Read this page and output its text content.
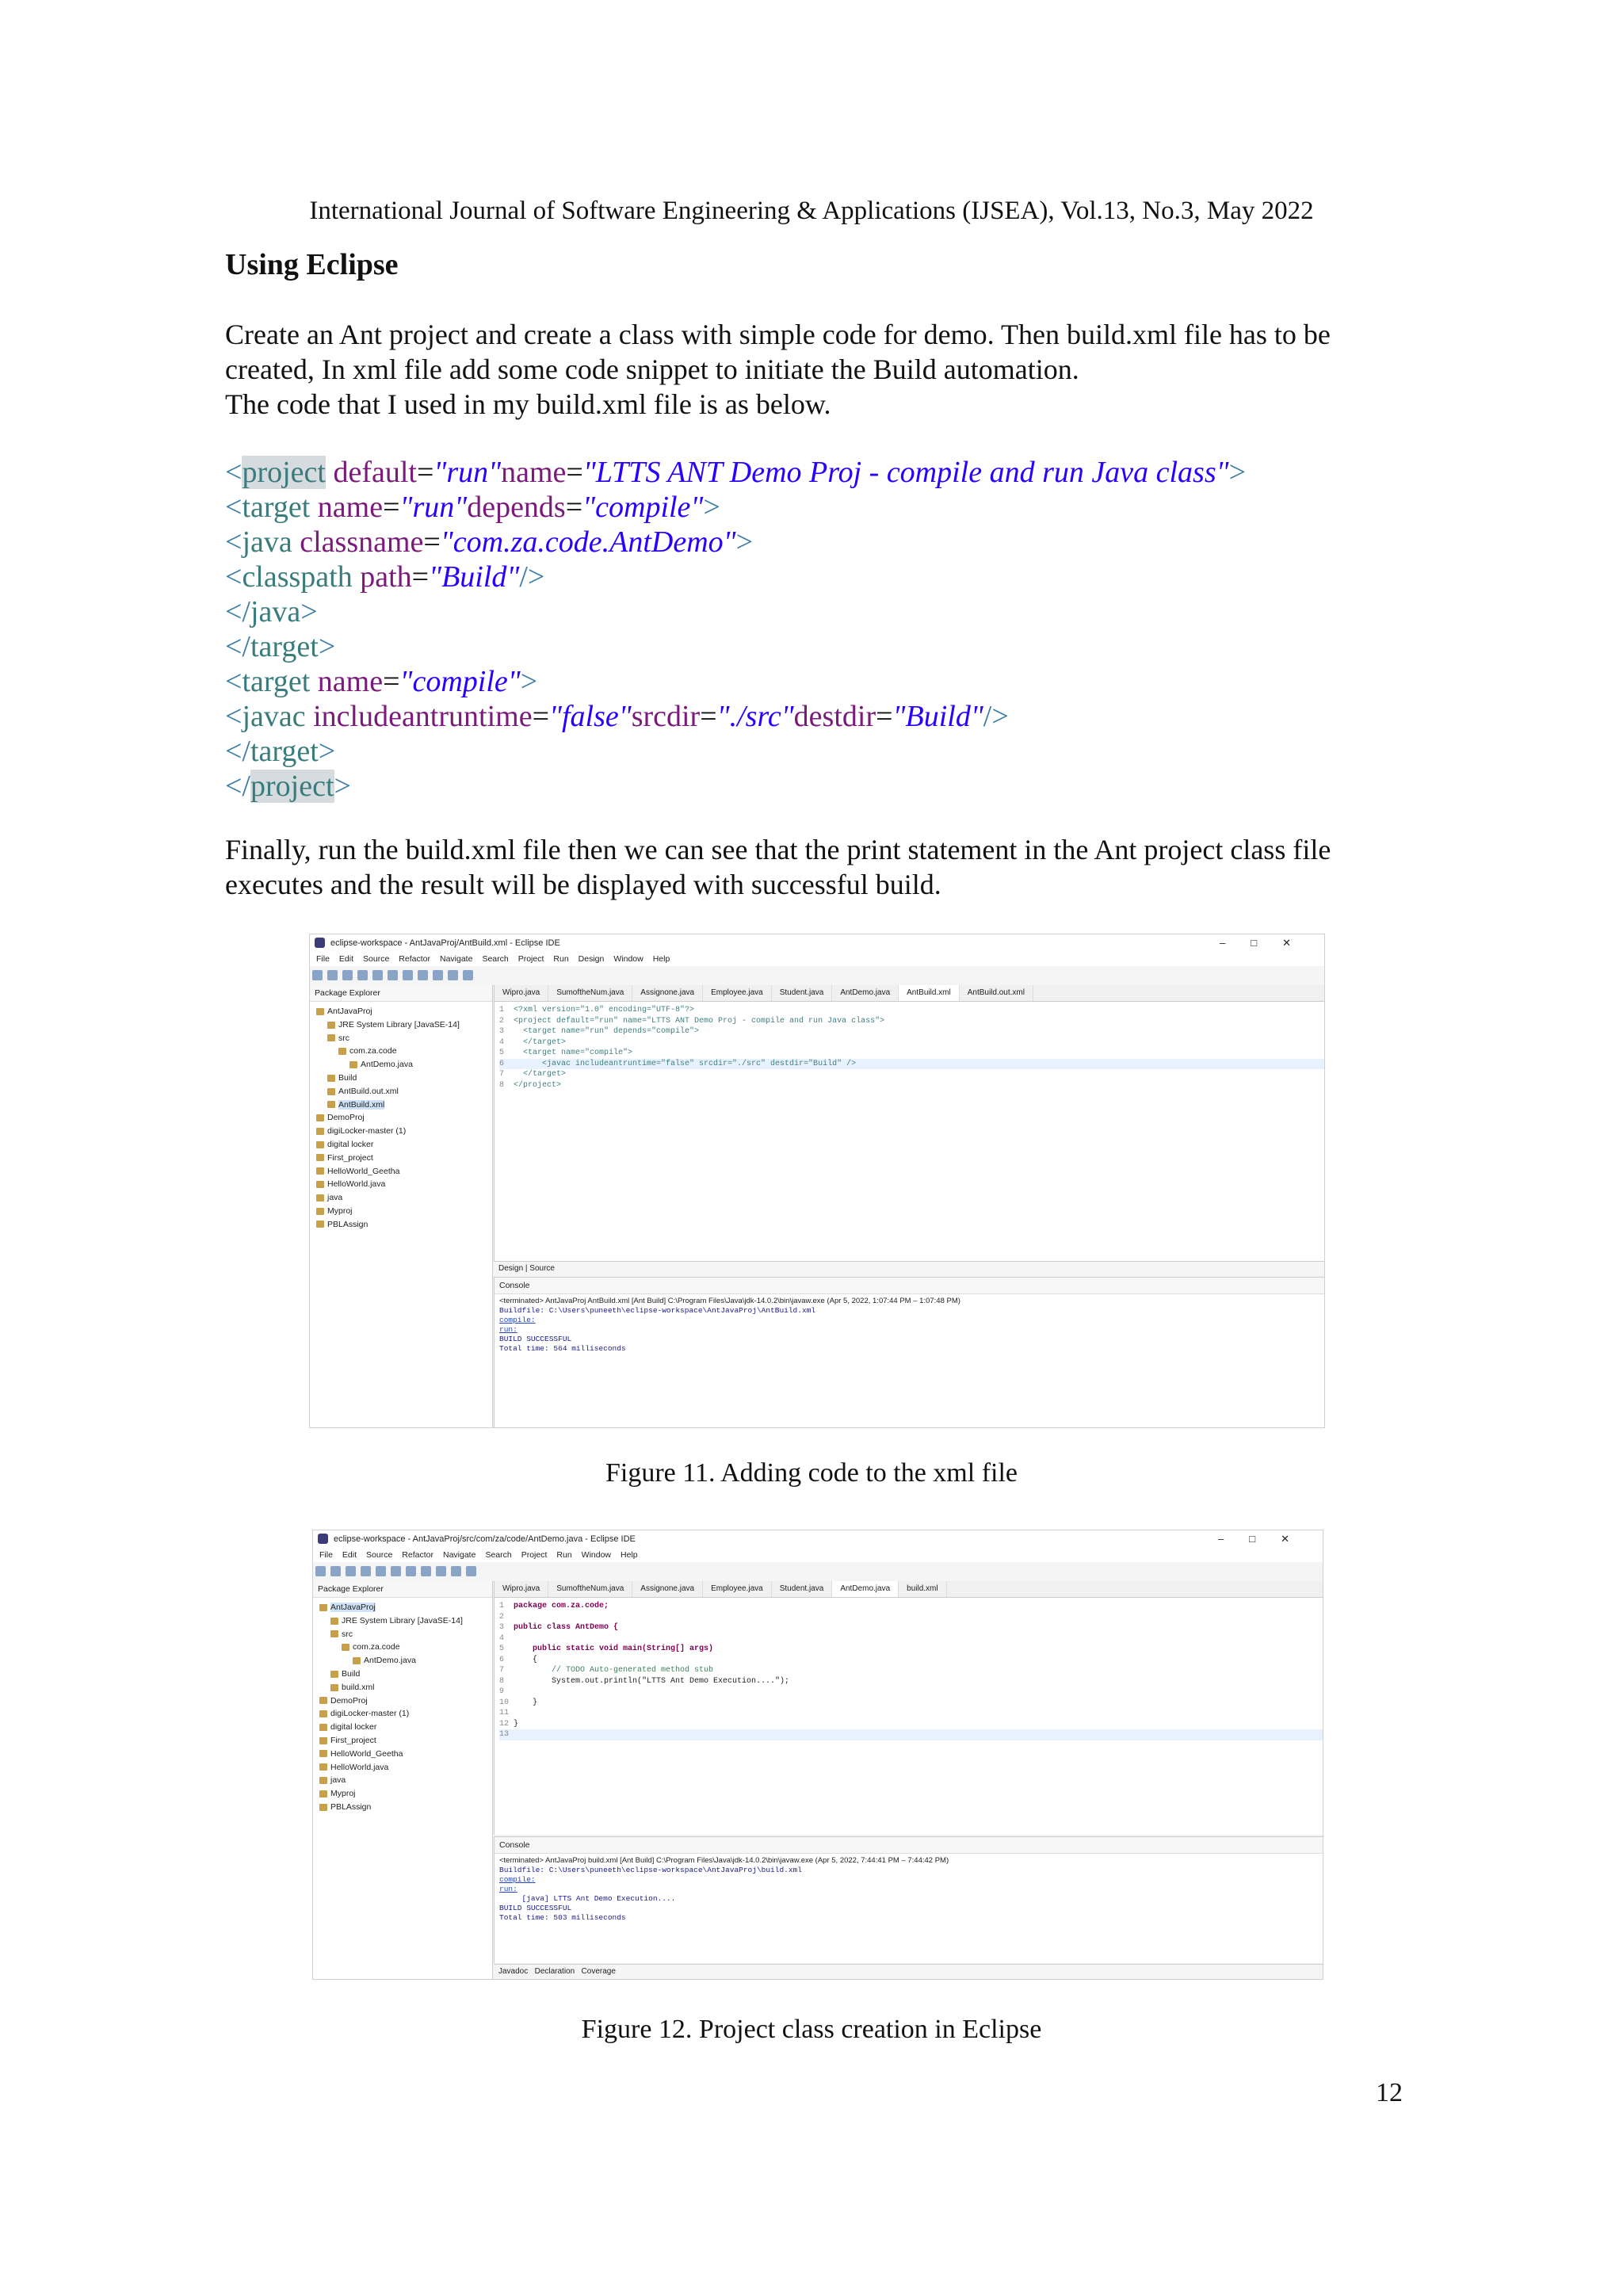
International Journal of Software Engineering & Applications (IJSEA), Vol.13, No.3, May 2022
Using Eclipse
Create an Ant project and create a class with simple code for demo. Then build.xml file has to be
created, In xml file add some code snippet to initiate the Build automation.
The code that I used in my build.xml file is as below.
<project default="run"name="LTTS ANT Demo Proj - compile and run Java class">
<target name="run"depends="compile">
<java classname="com.za.code.AntDemo">
<classpath path="Build"/>
</java>
</target>
<target name="compile">
<javac includeantruntime="false"srcdir="./src"destdir="Build"/>
</target>
</project>
Finally, run the build.xml file then we can see that the print statement in the Ant project class file
executes and the result will be displayed with successful build.
eclipse-workspace - AntJavaProj/AntBuild.xml - Eclipse IDE	–□✕
File Edit Source Refactor Navigate Search Project Run Design Window Help
Package Explorer
AntJavaProj
JRE System Library [JavaSE-14]
src
com.za.code
AntDemo.java
Build
AntBuild.out.xml
AntBuild.xml
DemoProj
digiLocker-master (1)
digital locker
First_project
HelloWorld_Geetha
HelloWorld.java
java
Myproj
PBLAssign
Wipro.java SumoftheNum.java Assignone.java Employee.java Student.java AntDemo.java AntBuild.xml AntBuild.out.xml
1 <?xml version="1.0" encoding="UTF-8"?>
2 <project default="run" name="LTTS ANT Demo Proj - compile and run Java class">
3  <target name="run" depends="compile">
4  </target>
5  <target name="compile">
6      <javac includeantruntime="false" srcdir="./src" destdir="Build" />
7  </target>
8 </project>
Design | Source
Console
<terminated> AntJavaProj AntBuild.xml [Ant Build] C:\Program Files\Java\jdk-14.0.2\bin\javaw.exe (Apr 5, 2022, 1:07:44 PM – 1:07:48 PM)
Buildfile: C:\Users\puneeth\eclipse-workspace\AntJavaProj\AntBuild.xml
compile:
run:
BUILD SUCCESSFUL
Total time: 564 milliseconds
Figure 11. Adding code to the xml file
eclipse-workspace - AntJavaProj/src/com/za/code/AntDemo.java - Eclipse IDE	–□✕
File Edit Source Refactor Navigate Search Project Run Window Help
Package Explorer
AntJavaProj
JRE System Library [JavaSE-14]
src
com.za.code
AntDemo.java
Build
build.xml
DemoProj
digiLocker-master (1)
digital locker
First_project
HelloWorld_Geetha
HelloWorld.java
java
Myproj
PBLAssign
Wipro.java SumoftheNum.java Assignone.java Employee.java Student.java AntDemo.java build.xml
1 package com.za.code;
2
3 public class AntDemo {
4
5    public static void main(String[] args)
6    {
7        // TODO Auto-generated method stub
8        System.out.println("LTTS Ant Demo Execution....");
9
10    }
11
12 }
13
Console
<terminated> AntJavaProj build.xml [Ant Build] C:\Program Files\Java\jdk-14.0.2\bin\javaw.exe (Apr 5, 2022, 7:44:41 PM – 7:44:42 PM)
Buildfile: C:\Users\puneeth\eclipse-workspace\AntJavaProj\build.xml
compile:
run:
[java] LTTS Ant Demo Execution....
BUILD SUCCESSFUL
Total time: 503 milliseconds
Javadoc Declaration Coverage
Figure 12. Project class creation in Eclipse
12
